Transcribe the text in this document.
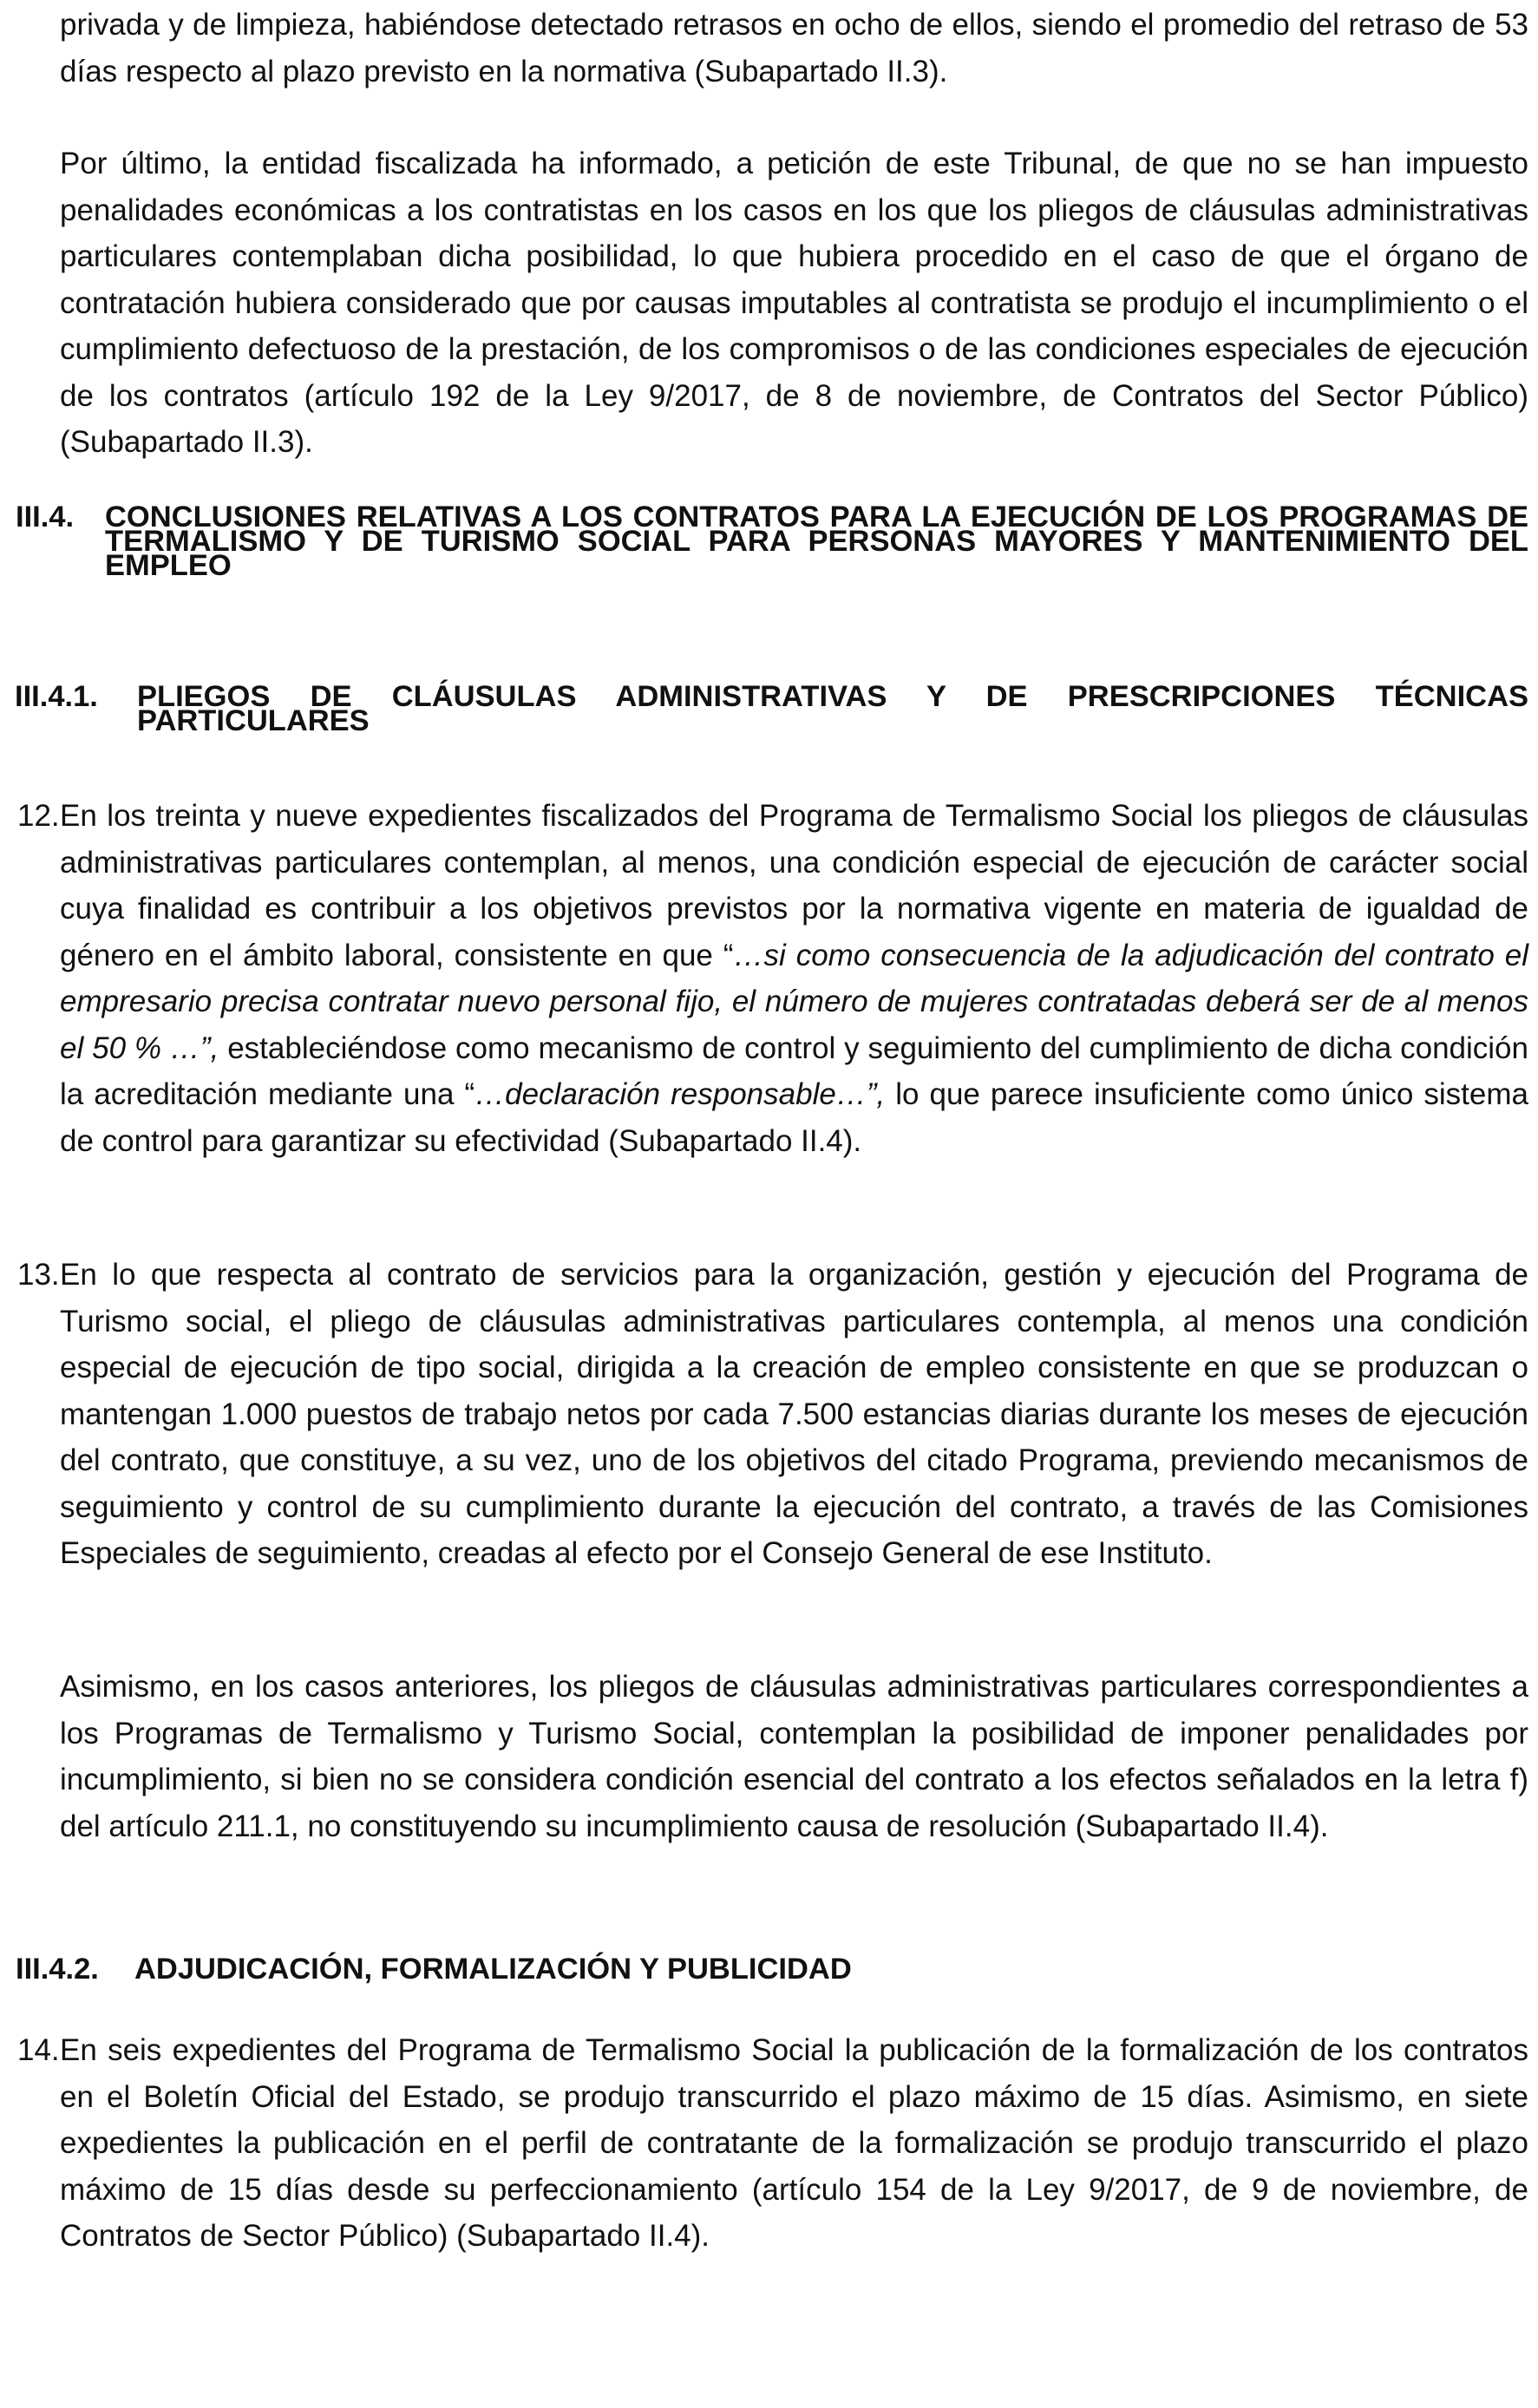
privada y de limpieza, habiéndose detectado retrasos en ocho de ellos, siendo el promedio del retraso de 53 días respecto al plazo previsto en la normativa (Subapartado II.3).

Por último, la entidad fiscalizada ha informado, a petición de este Tribunal, de que no se han impuesto penalidades económicas a los contratistas en los casos en los que los pliegos de cláusulas administrativas particulares contemplaban dicha posibilidad, lo que hubiera procedido en el caso de que el órgano de contratación hubiera considerado que por causas imputables al contratista se produjo el incumplimiento o el cumplimiento defectuoso de la prestación, de los compromisos o de las condiciones especiales de ejecución de los contratos (artículo 192 de la Ley 9/2017, de 8 de noviembre, de Contratos del Sector Público) (Subapartado II.3).

III.4. CONCLUSIONES RELATIVAS A LOS CONTRATOS PARA LA EJECUCIÓN DE LOS PROGRAMAS DE TERMALISMO Y DE TURISMO SOCIAL PARA PERSONAS MAYORES Y MANTENIMIENTO DEL EMPLEO
III.4.1. PLIEGOS DE CLÁUSULAS ADMINISTRATIVAS Y DE PRESCRIPCIONES TÉCNICAS PARTICULARES
12. En los treinta y nueve expedientes fiscalizados del Programa de Termalismo Social los pliegos de cláusulas administrativas particulares contemplan, al menos, una condición especial de ejecución de carácter social cuya finalidad es contribuir a los objetivos previstos por la normativa vigente en materia de igualdad de género en el ámbito laboral, consistente en que “…si como consecuencia de la adjudicación del contrato el empresario precisa contratar nuevo personal fijo, el número de mujeres contratadas deberá ser de al menos el 50 % …”, estableciéndose como mecanismo de control y seguimiento del cumplimiento de dicha condición la acreditación mediante una “…declaración responsable…”, lo que parece insuficiente como único sistema de control para garantizar su efectividad (Subapartado II.4).

13. En lo que respecta al contrato de servicios para la organización, gestión y ejecución del Programa de Turismo social, el pliego de cláusulas administrativas particulares contempla, al menos una condición especial de ejecución de tipo social, dirigida a la creación de empleo consistente en que se produzcan o mantengan 1.000 puestos de trabajo netos por cada 7.500 estancias diarias durante los meses de ejecución del contrato, que constituye, a su vez, uno de los objetivos del citado Programa, previendo mecanismos de seguimiento y control de su cumplimiento durante la ejecución del contrato, a través de las Comisiones Especiales de seguimiento, creadas al efecto por el Consejo General de ese Instituto.

Asimismo, en los casos anteriores, los pliegos de cláusulas administrativas particulares correspondientes a los Programas de Termalismo y Turismo Social, contemplan la posibilidad de imponer penalidades por incumplimiento, si bien no se considera condición esencial del contrato a los efectos señalados en la letra f) del artículo 211.1, no constituyendo su incumplimiento causa de resolución (Subapartado II.4).

III.4.2. ADJUDICACIÓN, FORMALIZACIÓN Y PUBLICIDAD
14. En seis expedientes del Programa de Termalismo Social la publicación de la formalización de los contratos en el Boletín Oficial del Estado, se produjo transcurrido el plazo máximo de 15 días. Asimismo, en siete expedientes la publicación en el perfil de contratante de la formalización se produjo transcurrido el plazo máximo de 15 días desde su perfeccionamiento (artículo 154 de la Ley 9/2017, de 9 de noviembre, de Contratos de Sector Público) (Subapartado II.4).
